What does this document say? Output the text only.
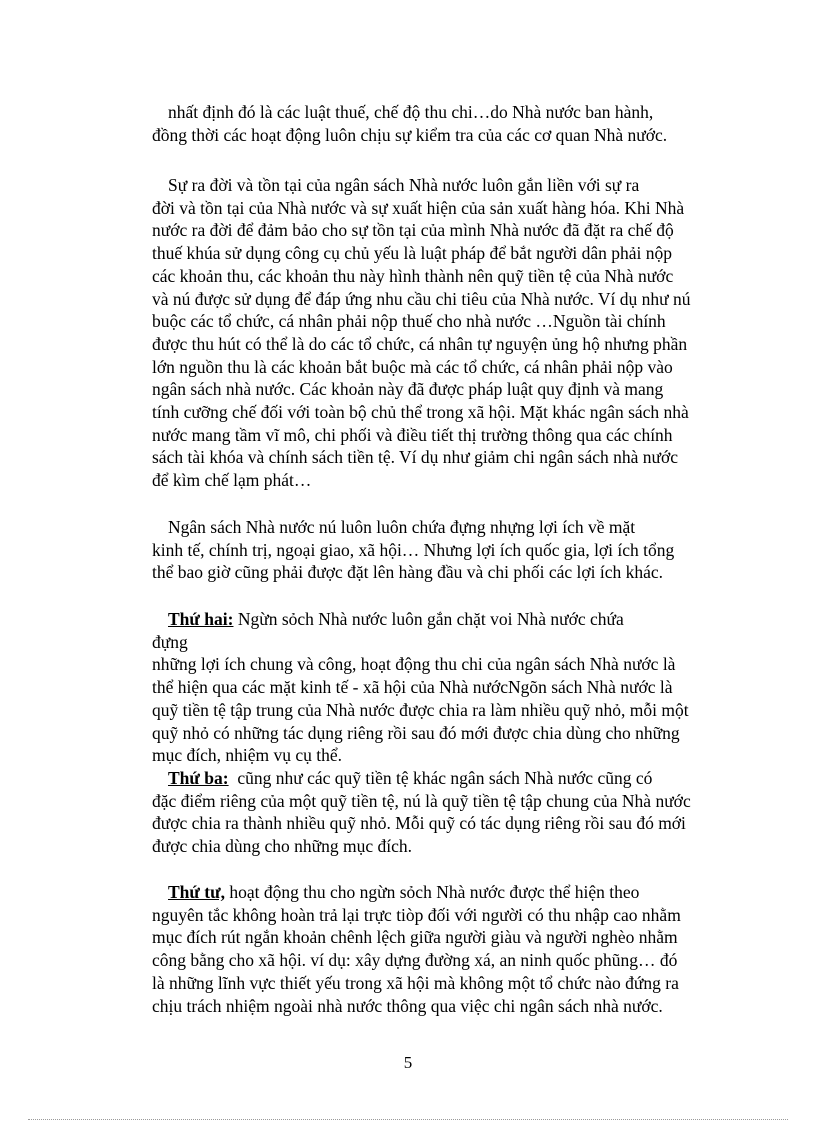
nhất định đó là các luật thuế, chế độ thu chi…do Nhà nước ban hành,
đồng thời các hoạt động luôn chịu sự kiểm tra của các cơ quan Nhà nước.
Sự ra đời và tồn tại của ngân sách Nhà nước luôn gắn liền với sự ra
đời và tồn tại của Nhà nước và sự xuất hiện của sản xuất hàng hóa. Khi Nhà
nước ra đời để đảm bảo cho sự tồn tại của mình Nhà nước đã đặt ra chế độ
thuế khúa sử dụng công cụ chủ yếu là luật pháp để bắt người dân phải nộp
các khoản thu, các khoản thu này hình thành nên quỹ tiền tệ của Nhà nước
và nú được sử dụng để đáp ứng nhu cầu chi tiêu của Nhà nước. Ví dụ như nú
buộc các tổ chức, cá nhân phải nộp thuế cho nhà nước …Nguồn tài chính
được thu hút có thể là do các tổ chức, cá nhân tự nguyện ủng hộ nhưng phần
lớn nguồn thu là các khoản bắt buộc mà các tổ chức, cá nhân phải nộp vào
ngân sách nhà nước. Các khoản này đã được pháp luật quy định và mang
tính cưỡng chế đối với toàn bộ chủ thể trong xã hội. Mặt khác ngân sách nhà
nước mang tầm vĩ mô, chi phối và điều tiết thị trường thông qua các chính
sách tài khóa và chính sách tiền tệ. Ví dụ như giảm chi ngân sách nhà nước
để kìm chế lạm phát…
Ngân sách Nhà nước nú luôn luôn chứa đựng nhựng lợi ích về mặt
kinh tế, chính trị, ngoại giao, xã hội… Nhưng lợi ích quốc gia, lợi ích tổng
thể bao giờ cũng phải được đặt lên hàng đầu và chi phối các lợi ích khác.
Thứ hai: Ngừn sỏch Nhà nước luôn gắn chặt voi Nhà nước chứa
đựng
những lợi ích chung và công, hoạt động thu chi của ngân sách Nhà nước là
thể hiện qua các mặt kinh tế - xã hội của Nhà nướcNgõn sách Nhà nước là
quỹ tiền tệ tập trung của Nhà nước được chia ra làm nhiều quỹ nhỏ, mỗi một
quỹ nhỏ có những tác dụng riêng rồi sau đó mới được chia dùng cho những
mục đích, nhiệm vụ cụ thể.
Thứ ba:  cũng như các quỹ tiền tệ khác ngân sách Nhà nước cũng có
đặc điểm riêng của một quỹ tiền tệ, nú là quỹ tiền tệ tập chung của Nhà nước
được chia ra thành nhiều quỹ nhỏ. Mỗi quỹ có tác dụng riêng rồi sau đó mới
được chia dùng cho những mục đích.
Thứ tư, hoạt động thu cho ngừn sỏch Nhà nước được thể hiện theo
nguyên tắc không hoàn trả lại trực tiòp đối với người có thu nhập cao nhằm
mục đích rút ngắn khoản chênh lệch giữa người giàu và người nghèo nhằm
công bằng cho xã hội. ví dụ: xây dựng đường xá, an ninh quốc phũng… đó
là những lĩnh vực thiết yếu trong xã hội mà không một tổ chức nào đứng ra
chịu trách nhiệm ngoài nhà nước thông qua việc chi ngân sách nhà nước.
5
